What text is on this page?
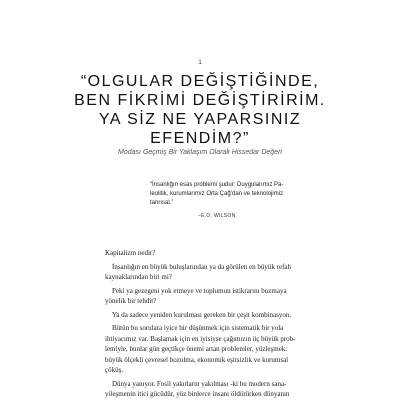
1
“OLGULAR DEĞİŞTİĞİNDE,
BEN FİKRİMİ DEĞİŞTİRİRİM.
YA SİZ NE YAPARSINIZ
EFENDİM?”
Modası Geçmiş Bir Yaklaşım Olarak Hissedar Değeri
“İnsanlığın esas problemi şudur: Duygularımız Pa-
leolitik, kurumlarımız Orta Çağ’dan ve teknolojimiz
tanrısal.”
–E.O. WILSON
Kapitalizm nedir?
İnsanlığın en büyük buluşlarından ya da görülen en büyük refah
kaynaklarından biri mi?
Peki ya gezegeni yok etmeye ve toplumun istikrarını bozmaya
yönelik bir tehdit?
Ya da sadece yeniden kurulması gereken bir çeşit kombinasyon.
Bütün bu sorulara iyice bir düşünmek için sistematik bir yola
ihtiyacımız var. Başlamak için en iyisiyse çağımızın üç büyük prob-
lemiyle, bunlar gün geçtikçe önemi artan problemler, yüzleşmek:
büyük ölçekli çevresel bozulma, ekonomik eşitsizlik ve kurumsal
çöküş.
Dünya yanıyor. Fosil yakıtların yakılması -ki bu modern sana-
yileşmenin itici gücüdür, yüz binlerce insanı öldürürken dünyanın
